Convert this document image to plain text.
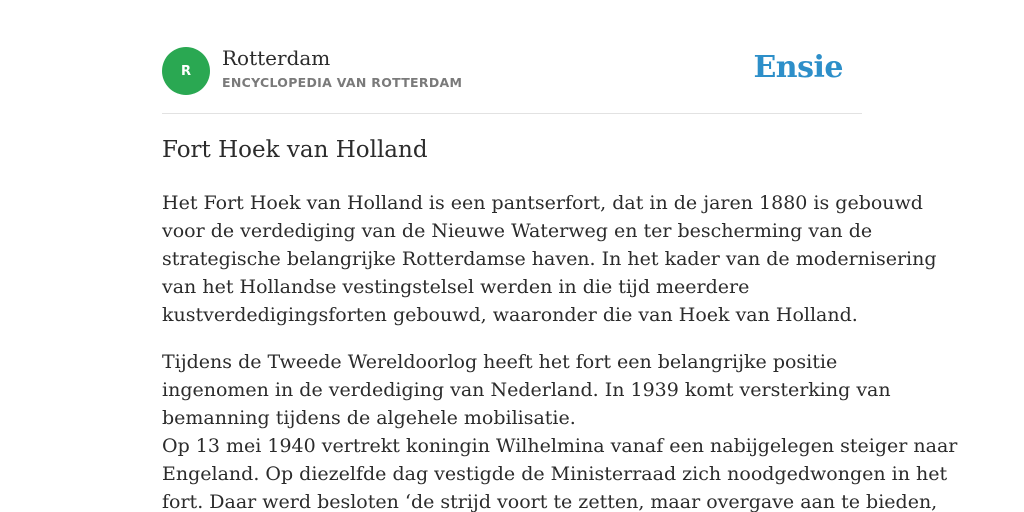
R
Rotterdam
ENCYCLOPEDIA VAN ROTTERDAM	Ensie
Fort Hoek van Holland

Het Fort Hoek van Holland is een pantserfort, dat in de jaren 1880 is gebouwd
voor de verdediging van de Nieuwe Waterweg en ter bescherming van de
strategische belangrijke Rotterdamse haven. In het kader van de modernisering
van het Hollandse vestingstelsel werden in die tijd meerdere
kustverdedigingsforten gebouwd, waaronder die van Hoek van Holland.

Tijdens de Tweede Wereldoorlog heeft het fort een belangrijke positie
ingenomen in de verdediging van Nederland. In 1939 komt versterking van
bemanning tijdens de algehele mobilisatie.
Op 13 mei 1940 vertrekt koningin Wilhelmina vanaf een nabijgelegen steiger naar
Engeland. Op diezelfde dag vestigde de Ministerraad zich noodgedwongen in het
fort. Daar werd besloten ‘de strijd voort te zetten, maar overgave aan te bieden,
